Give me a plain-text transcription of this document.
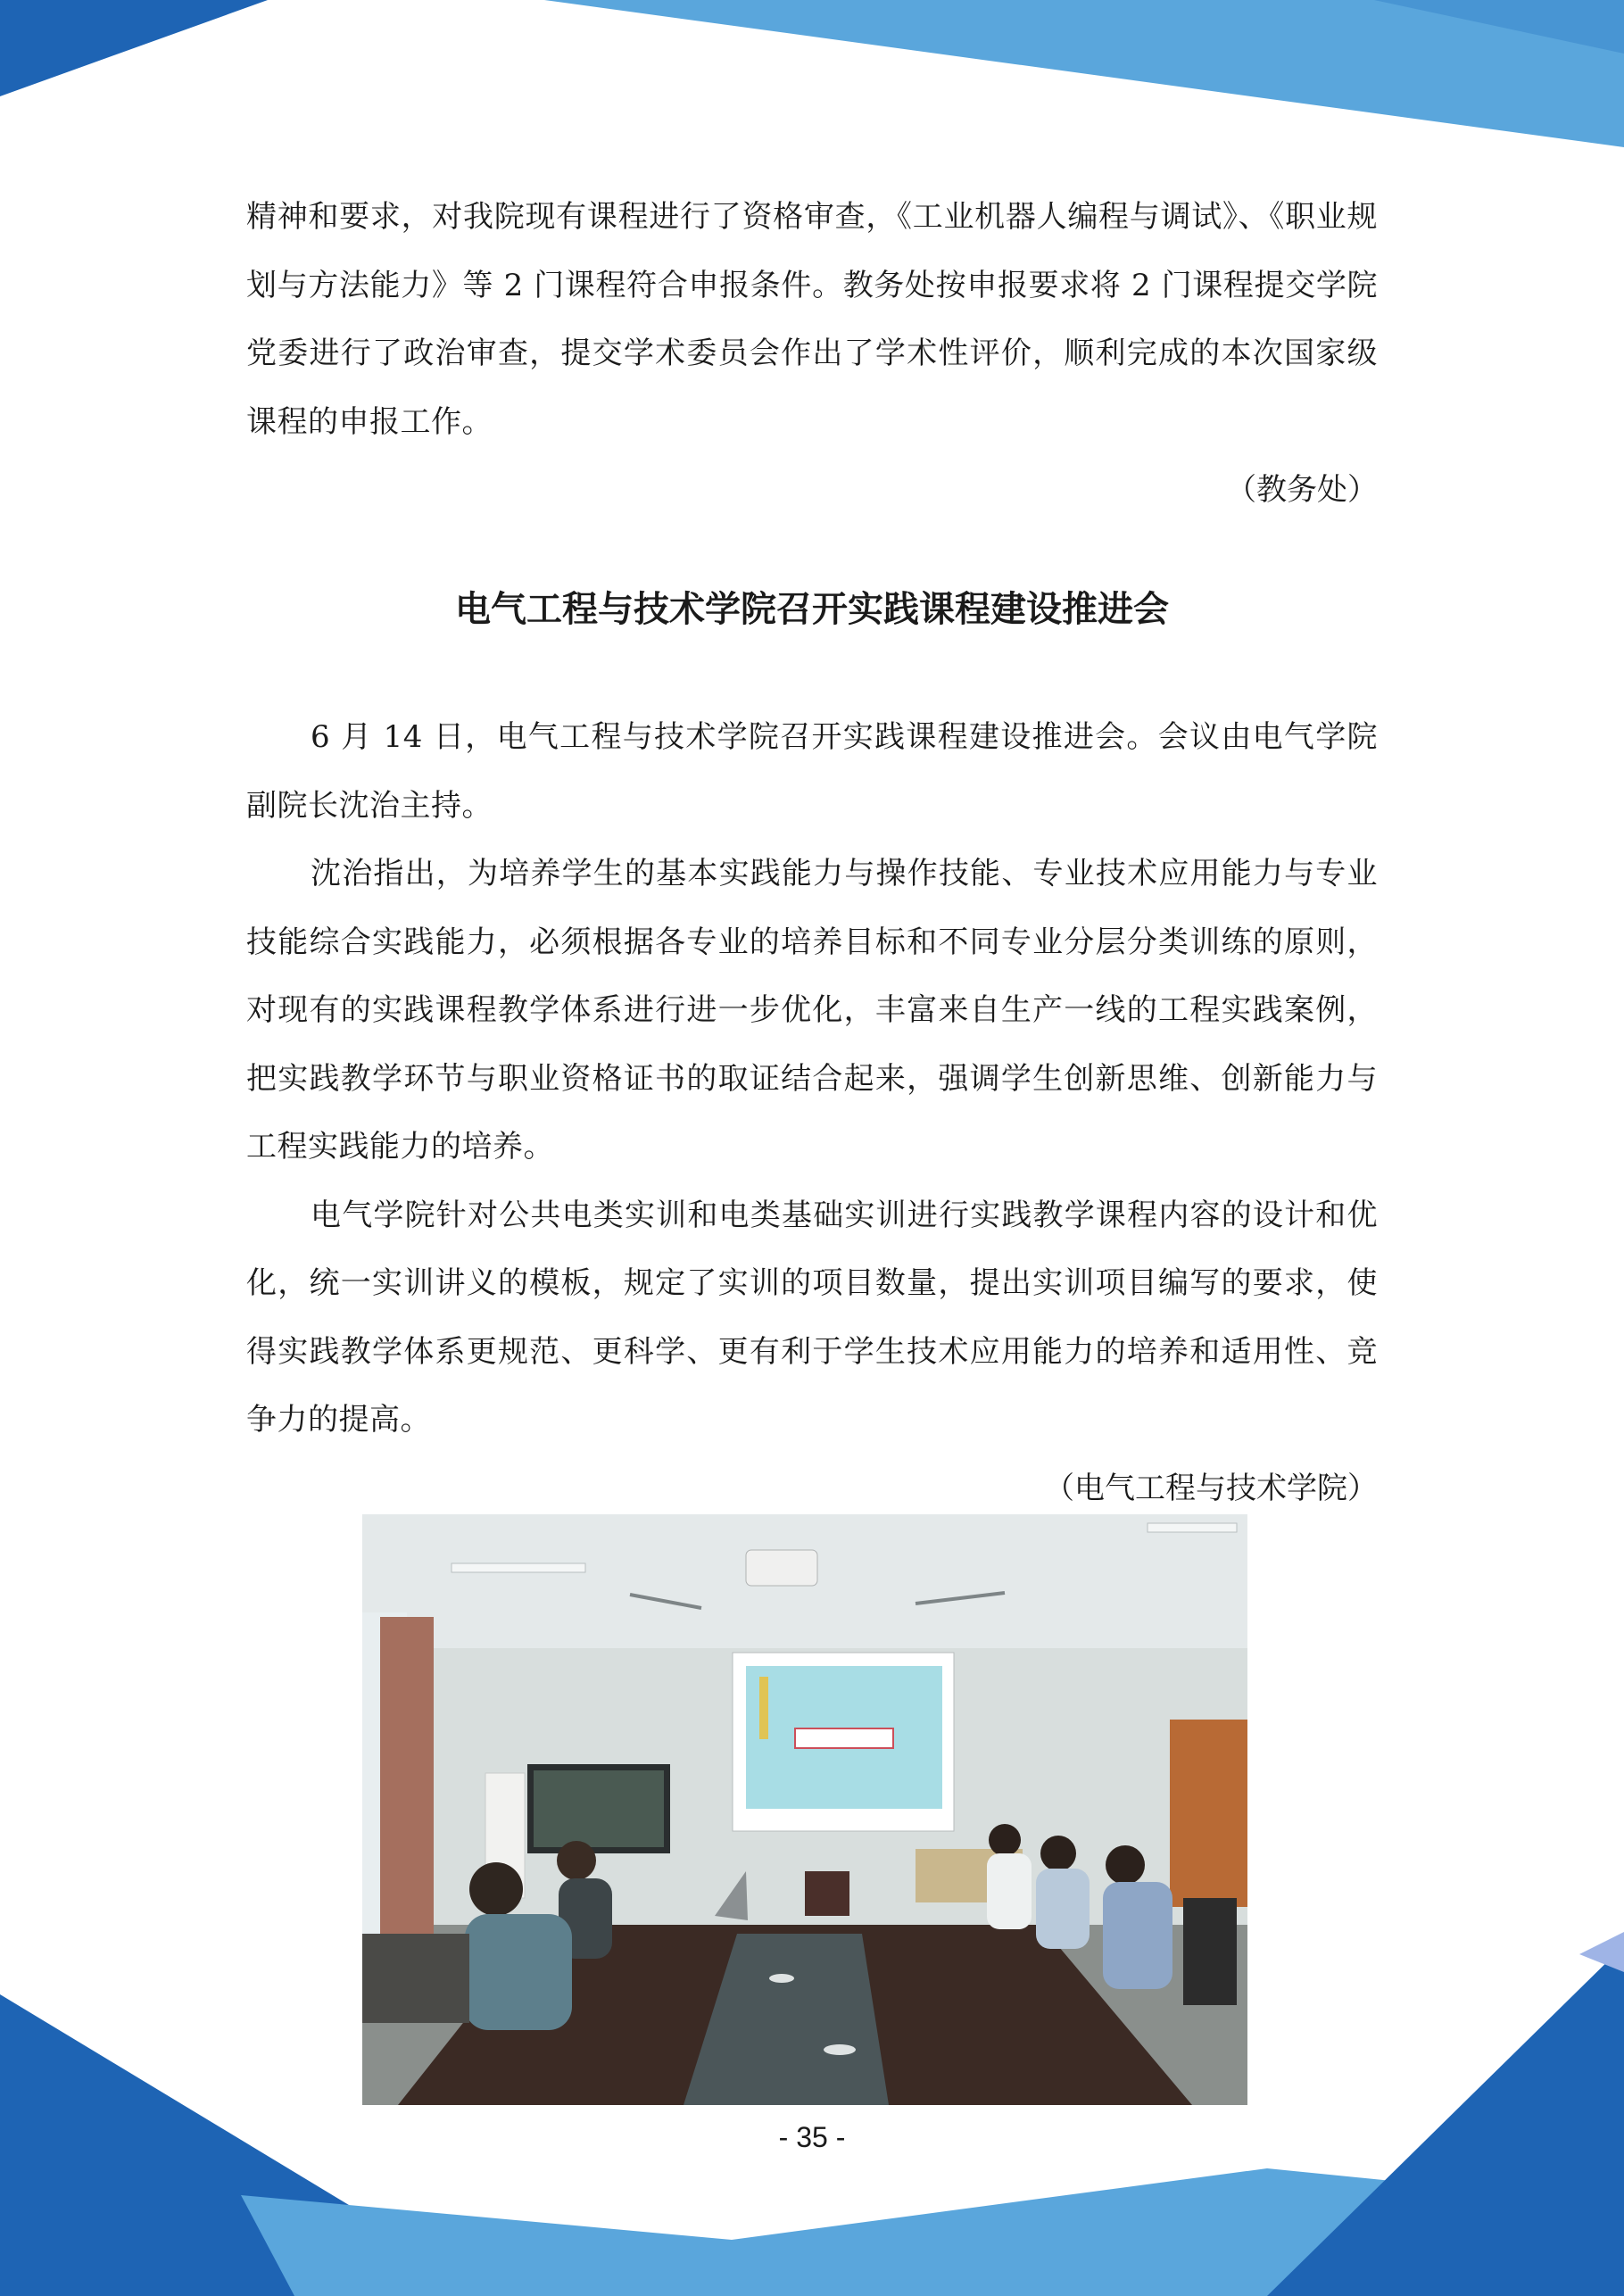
精神和要求，对我院现有课程进行了资格审查，《工业机器人编程与调试》、《职业规划与方法能力》等 2 门课程符合申报条件。教务处按申报要求将 2 门课程提交学院党委进行了政治审查，提交学术委员会作出了学术性评价，顺利完成的本次国家级课程的申报工作。

（教务处）

电气工程与技术学院召开实践课程建设推进会

6 月 14 日，电气工程与技术学院召开实践课程建设推进会。会议由电气学院副院长沈治主持。

沈治指出，为培养学生的基本实践能力与操作技能、专业技术应用能力与专业技能综合实践能力，必须根据各专业的培养目标和不同专业分层分类训练的原则，对现有的实践课程教学体系进行进一步优化，丰富来自生产一线的工程实践案例，把实践教学环节与职业资格证书的取证结合起来，强调学生创新思维、创新能力与工程实践能力的培养。

电气学院针对公共电类实训和电类基础实训进行实践教学课程内容的设计和优化，统一实训讲义的模板，规定了实训的项目数量，提出实训项目编写的要求，使得实践教学体系更规范、更科学、更有利于学生技术应用能力的培养和适用性、竞争力的提高。

（电气工程与技术学院）

- 35 -
